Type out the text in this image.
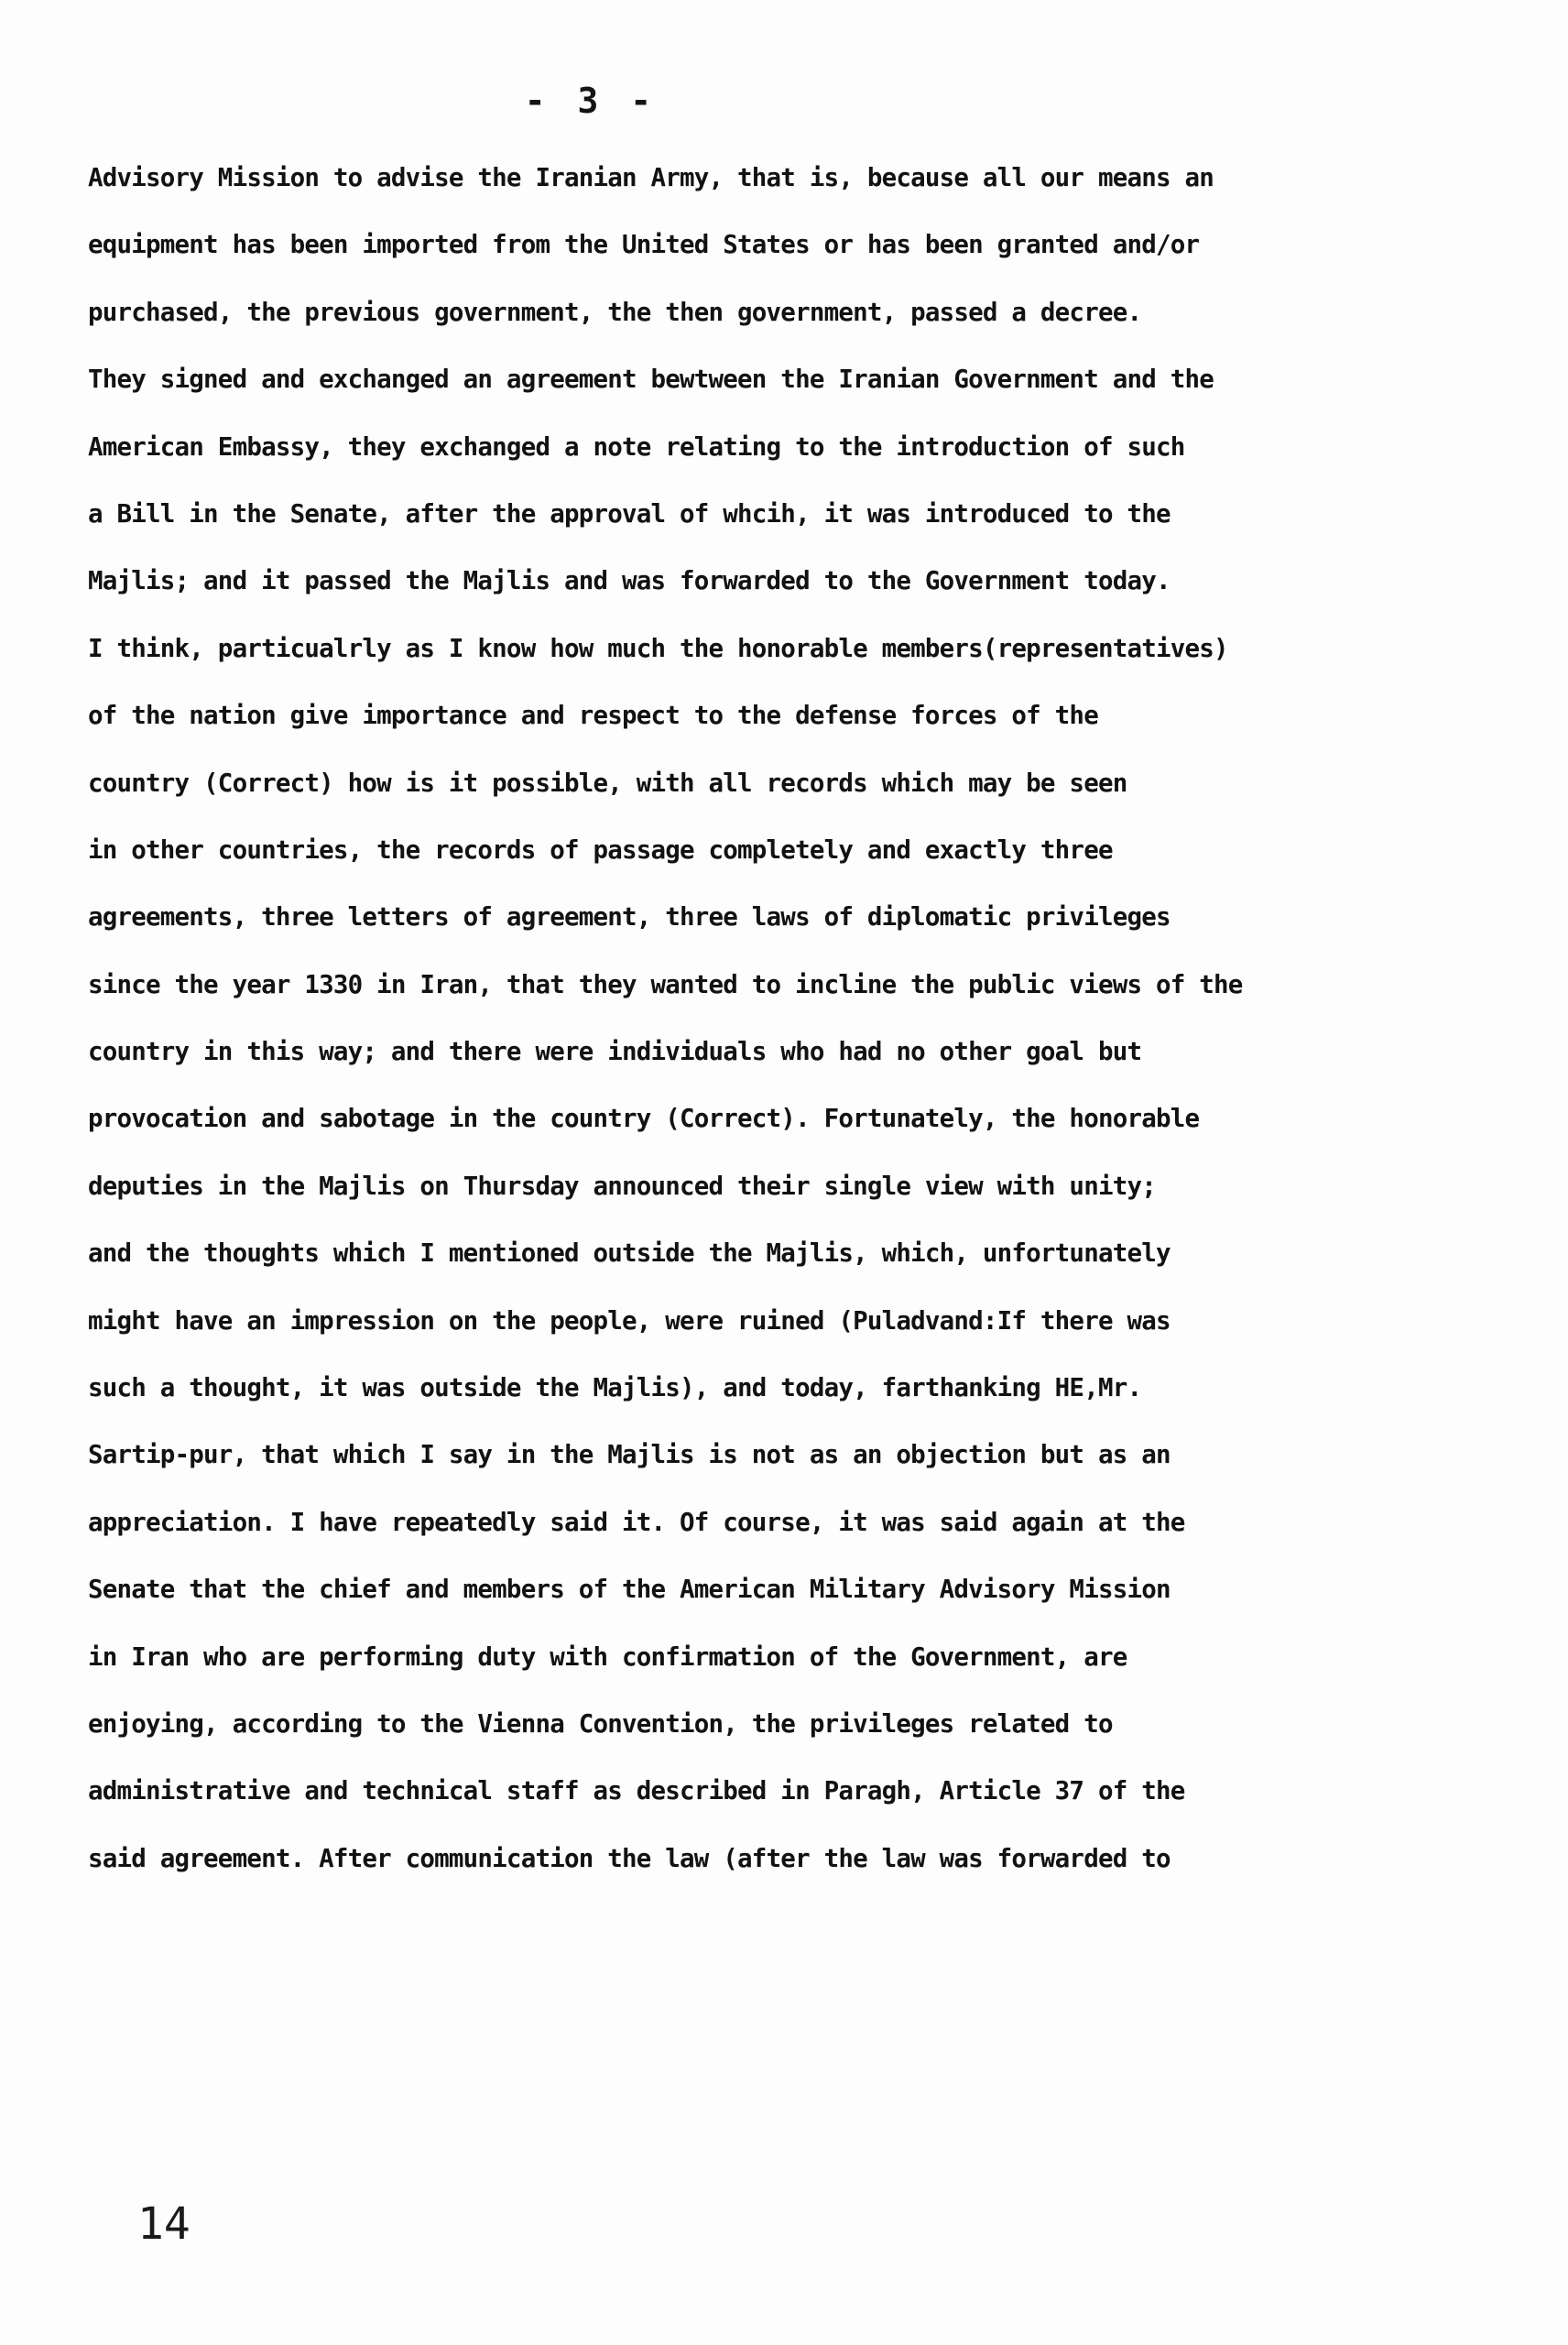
- 3 -
Advisory Mission to advise the Iranian Army, that is, because all our means an
equipment has been imported from the United States or has been granted and/or
purchased, the previous government, the then government, passed a decree.
They signed and exchanged an agreement bewtween the Iranian Government and the
American Embassy, they exchanged a note relating to the introduction of such
a Bill in the Senate, after the approval of whcih, it was introduced to the
Majlis; and it passed the Majlis and was forwarded to the Government today.
I think, particualrly as I know how much the honorable members(representatives)
of the nation give importance and respect to the defense forces of the
country (Correct) how is it possible, with all records which may be seen
in other countries, the records of passage completely and exactly three
agreements, three letters of agreement, three laws of diplomatic privileges
since the year 1330 in Iran, that they wanted to incline the public views of the
country in this way; and there were individuals who had no other goal but
provocation and sabotage in the country (Correct). Fortunately, the honorable
deputies in the Majlis on Thursday announced their single view with unity;
and the thoughts which I mentioned outside the Majlis, which, unfortunately
might have an impression on the people, were ruined (Puladvand:If there was
such a thought, it was outside the Majlis), and today, farthanking HE,Mr.
Sartip-pur, that which I say in the Majlis is not as an objection but as an
appreciation. I have repeatedly said it. Of course, it was said again at the
Senate that the chief and members of the American Military Advisory Mission
in Iran who are performing duty with confirmation of the Government, are
enjoying, according to the Vienna Convention, the privileges related to
administrative and technical staff as described in Paragh, Article 37 of the
said agreement. After communication the law (after the law was forwarded to
14
